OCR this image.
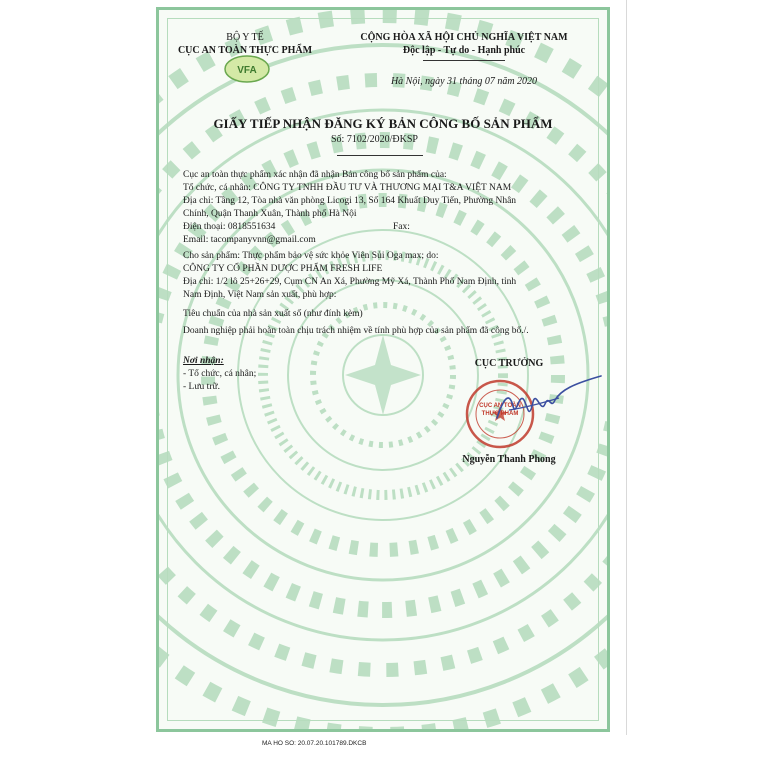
VFA
BỘ Y TẾ
CỤC AN TOÀN THỰC PHẨM
CỘNG HÒA XÃ HỘI CHỦ NGHĨA VIỆT NAM
Độc lập - Tự do - Hạnh phúc
Hà Nội, ngày 31 tháng 07 năm 2020
GIẤY TIẾP NHẬN ĐĂNG KÝ BẢN CÔNG BỐ SẢN PHẨM
Số: 7102/2020/ĐKSP
Cục an toàn thực phẩm xác nhận đã nhận Bản công bố sản phẩm của:
Tổ chức, cá nhân: CÔNG TY TNHH ĐẦU TƯ VÀ THƯƠNG MẠI T&A VIỆT NAM
Địa chỉ: Tầng 12, Tòa nhà văn phòng Licogi 13, Số 164 Khuất Duy Tiến, Phường Nhân
Chính, Quận Thanh Xuân, Thành phố Hà Nội
Điện thoại: 0818551634	Fax:
Email: tacompanyvnn@gmail.com
Cho sản phẩm: Thực phẩm bảo vệ sức khỏe Viên Sủi Oga max; do:
CÔNG TY CỔ PHẦN DƯỢC PHẨM FRESH LIFE
Địa chỉ: 1/2 lô 25+26+29, Cụm CN An Xá, Phường Mỹ Xá, Thành Phố Nam Định, tỉnh
Nam Định, Việt Nam sản xuất, phù hợp:
Tiêu chuẩn của nhà sản xuất số (như đính kèm)
Doanh nghiệp phải hoàn toàn chịu trách nhiệm về tính phù hợp của sản phẩm đã công bố./.
Nơi nhận:
- Tổ chức, cá nhân;
- Lưu trữ.
CỤC TRƯỞNG
CỤC AN TOÀN THỰC PHẨM
Nguyễn Thanh Phong
MA HO SO: 20.07.20.101789.DKCB
